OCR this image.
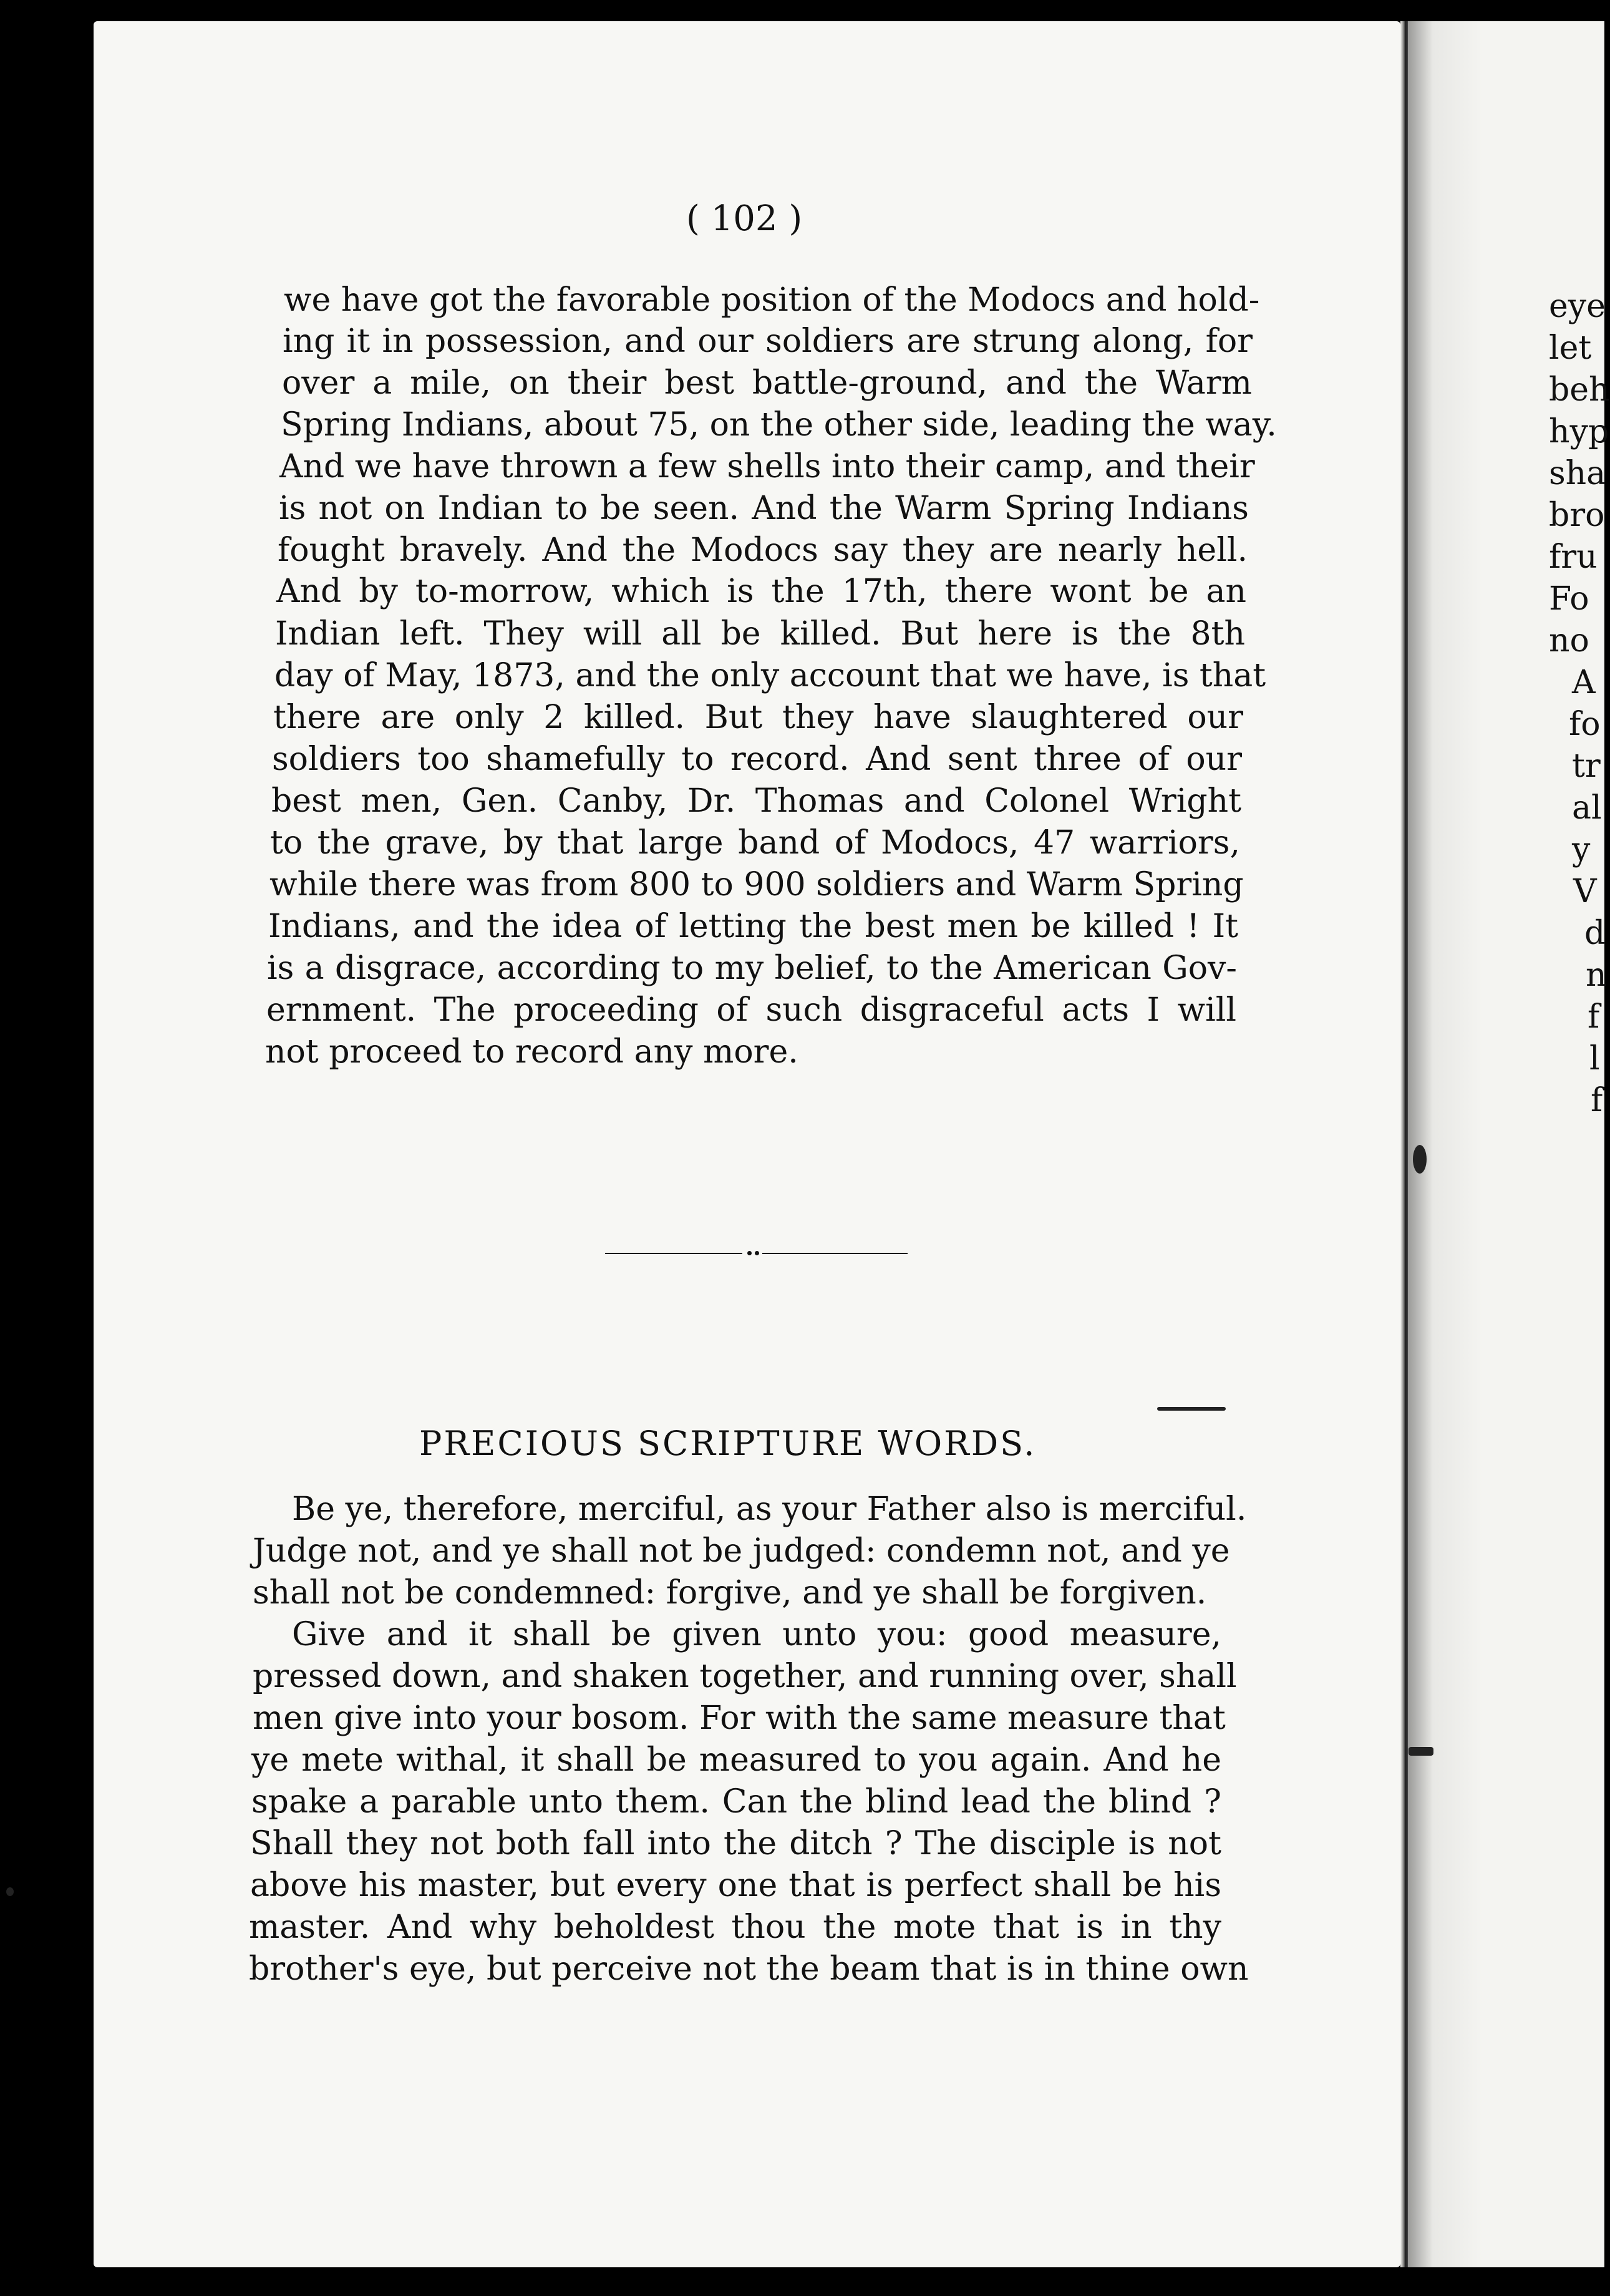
( 102 )
we have got the favorable position of the Modocs and hold-
ing it in possession, and our soldiers are strung along, for
over a mile, on their best battle-ground, and the Warm
Spring Indians, about 75, on the other side, leading the way.
And we have thrown a few shells into their camp, and their
is not on Indian to be seen. And the Warm Spring Indians
fought bravely. And the Modocs say they are nearly hell.
And by to-morrow, which is the 17th, there wont be an
Indian left. They will all be killed. But here is the 8th
day of May, 1873, and the only account that we have, is that
there are only 2 killed. But they have slaughtered our
soldiers too shamefully to record. And sent three of our
best men, Gen. Canby, Dr. Thomas and Colonel Wright
to the grave, by that large band of Modocs, 47 warriors,
while there was from 800 to 900 soldiers and Warm Spring
Indians, and the idea of letting the best men be killed ! It
is a disgrace, according to my belief, to the American Gov-
ernment. The proceeding of such disgraceful acts I will
not proceed to record any more.
PRECIOUS SCRIPTURE WORDS.
Be ye, therefore, merciful, as your Father also is merciful.
Judge not, and ye shall not be judged: condemn not, and ye
shall not be condemned: forgive, and ye shall be forgiven.
Give and it shall be given unto you: good measure,
pressed down, and shaken together, and running over, shall
men give into your bosom. For with the same measure that
ye mete withal, it shall be measured to you again. And he
spake a parable unto them. Can the blind lead the blind ?
Shall they not both fall into the ditch ? The disciple is not
above his master, but every one that is perfect shall be his
master. And why beholdest thou the mote that is in thy
brother's eye, but perceive not the beam that is in thine own
eye
let
beh
hyp
sha
bro
fru
Fo
no
A
fo
tr
al
y
V
d
n
f
l
f
